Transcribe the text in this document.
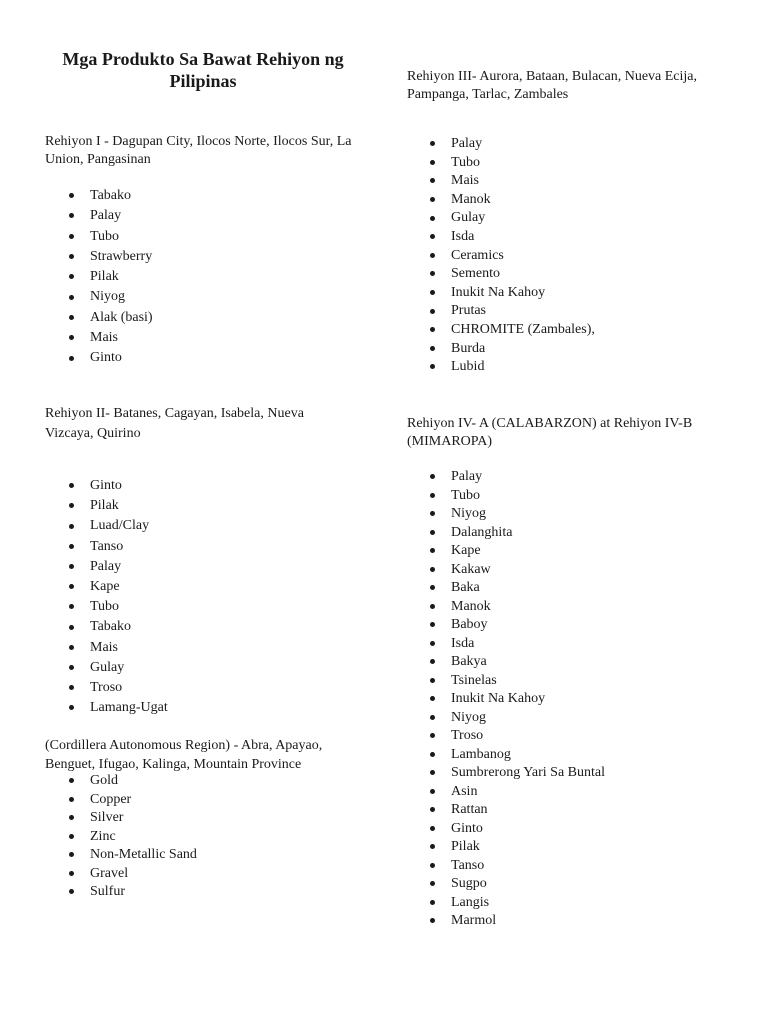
Mga Produkto Sa Bawat Rehiyon ng Pilipinas

Rehiyon I - Dagupan City, Ilocos Norte, Ilocos Sur, La Union, Pangasinan

Tabako
Palay
Tubo
Strawberry
Pilak
Niyog
Alak (basi)
Mais
Ginto

Rehiyon II- Batanes, Cagayan, Isabela, Nueva Vizcaya, Quirino

Ginto
Pilak
Luad/Clay
Tanso
Palay
Kape
Tubo
Tabako
Mais
Gulay
Troso
Lamang-Ugat

(Cordillera Autonomous Region) - Abra, Apayao, Benguet, Ifugao, Kalinga, Mountain Province

Gold
Copper
Silver
Zinc
Non-Metallic Sand
Gravel
Sulfur

Rehiyon III- Aurora, Bataan, Bulacan, Nueva Ecija, Pampanga, Tarlac, Zambales

Palay
Tubo
Mais
Manok
Gulay
Isda
Ceramics
Semento
Inukit Na Kahoy
Prutas
CHROMITE (Zambales),
Burda
Lubid

Rehiyon IV- A (CALABARZON) at Rehiyon IV-B (MIMAROPA)

Palay
Tubo
Niyog
Dalanghita
Kape
Kakaw
Baka
Manok
Baboy
Isda
Bakya
Tsinelas
Inukit Na Kahoy
Niyog
Troso
Lambanog
Sumbrerong Yari Sa Buntal
Asin
Rattan
Ginto
Pilak
Tanso
Sugpo
Langis
Marmol
